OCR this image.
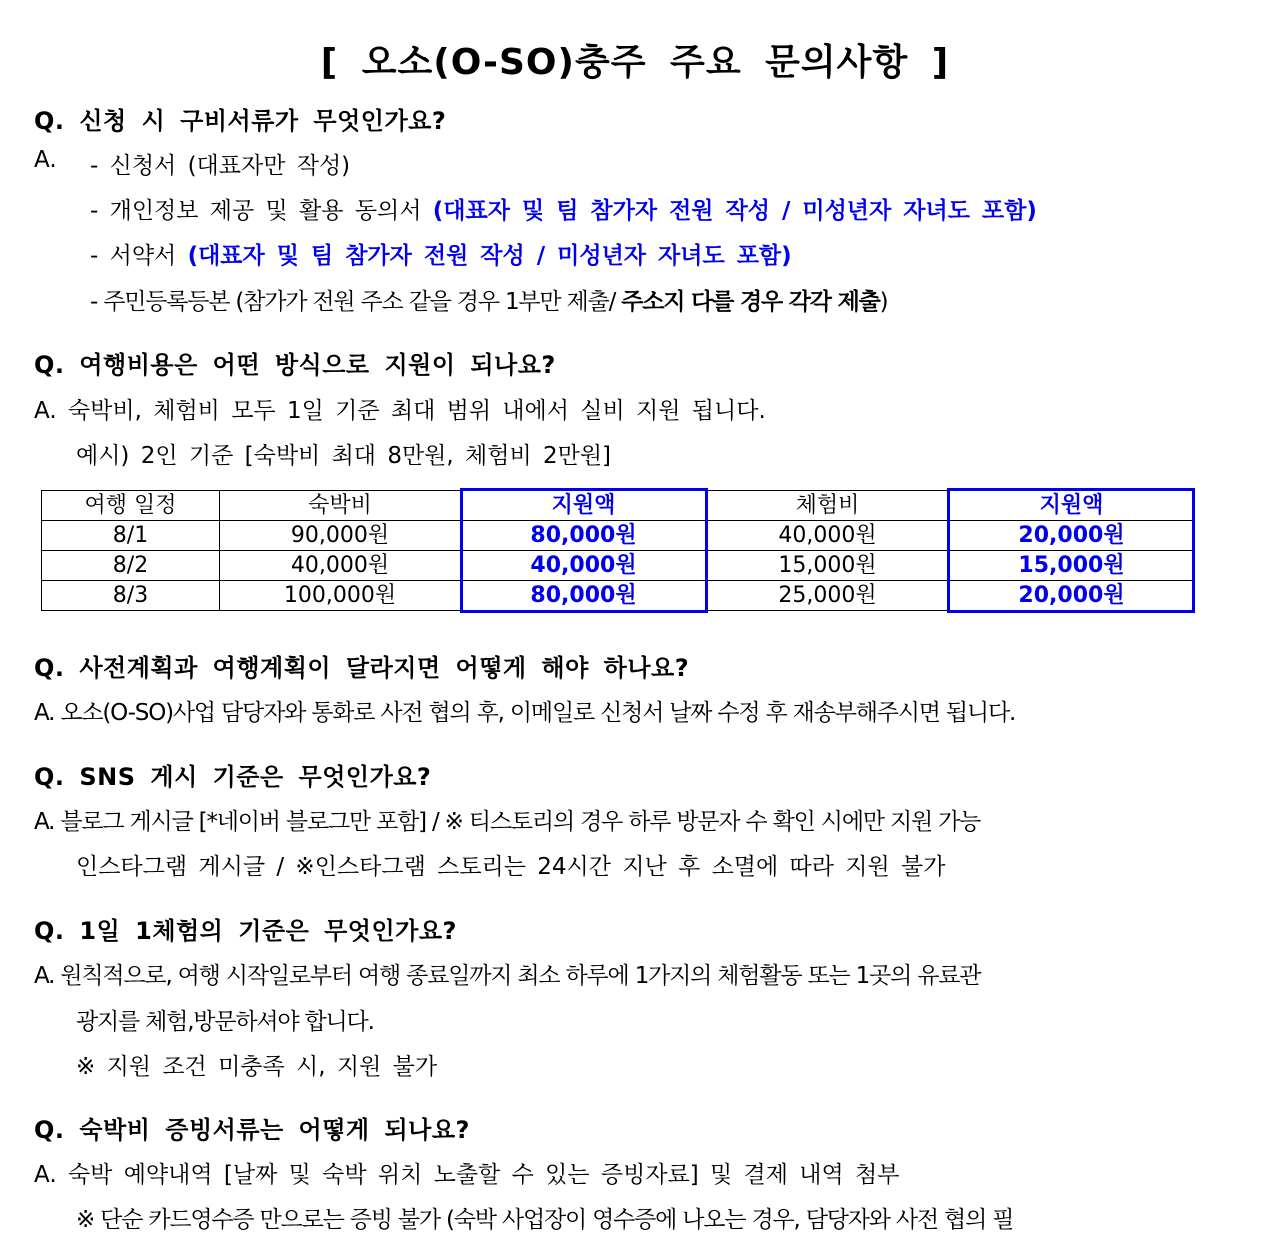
[ 오소(O-SO)충주 주요 문의사항 ]
Q. 신청 시 구비서류가 무엇인가요?
A. - 신청서 (대표자만 작성)
- 개인정보 제공 및 활용 동의서 (대표자 및 팀 참가자 전원 작성 / 미성년자 자녀도 포함)
- 서약서 (대표자 및 팀 참가자 전원 작성 / 미성년자 자녀도 포함)
- 주민등록등본 (참가가 전원 주소 같을 경우 1부만 제출/ 주소지 다를 경우 각각 제출)
Q. 여행비용은 어떤 방식으로 지원이 되나요?
A. 숙박비, 체험비 모두 1일 기준 최대 범위 내에서 실비 지원 됩니다.
예시) 2인 기준 [숙박비 최대 8만원, 체험비 2만원]
여행 일정	숙박비	지원액	체험비	지원액
8/1	90,000원	80,000원	40,000원	20,000원
8/2	40,000원	40,000원	15,000원	15,000원
8/3	100,000원	80,000원	25,000원	20,000원
Q. 사전계획과 여행계획이 달라지면 어떻게 해야 하나요?
A. 오소(O-SO)사업 담당자와 통화로 사전 협의 후, 이메일로 신청서 날짜 수정 후 재송부해주시면 됩니다.
Q. SNS 게시 기준은 무엇인가요?
A. 블로그 게시글 [*네이버 블로그만 포함] / ※ 티스토리의 경우 하루 방문자 수 확인 시에만 지원 가능
인스타그램 게시글 / ※인스타그램 스토리는 24시간 지난 후 소멸에 따라 지원 불가
Q. 1일 1체험의 기준은 무엇인가요?
A. 원칙적으로, 여행 시작일로부터 여행 종료일까지 최소 하루에 1가지의 체험활동 또는 1곳의 유료관
광지를 체험,방문하셔야 합니다.
※ 지원 조건 미충족 시, 지원 불가
Q. 숙박비 증빙서류는 어떻게 되나요?
A. 숙박 예약내역 [날짜 및 숙박 위치 노출할 수 있는 증빙자료] 및 결제 내역 첨부
※ 단순 카드영수증 만으로는 증빙 불가 (숙박 사업장이 영수증에 나오는 경우, 담당자와 사전 협의 필
